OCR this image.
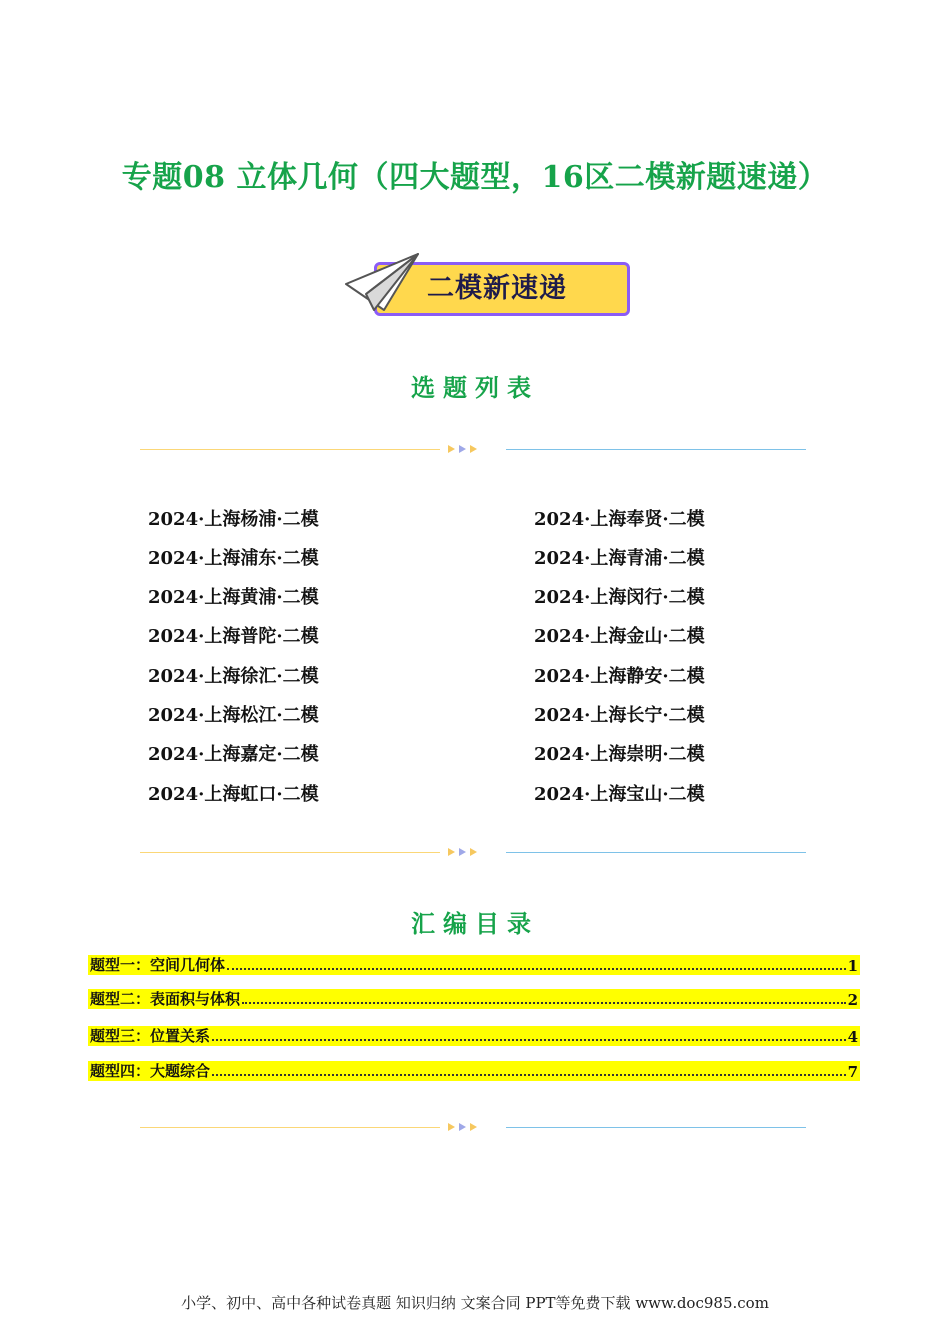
专题08 立体几何（四大题型，16区二模新题速递）
二模新速递
选题列表
2024·上海杨浦·二模
2024·上海浦东·二模
2024·上海黄浦·二模
2024·上海普陀·二模
2024·上海徐汇·二模
2024·上海松江·二模
2024·上海嘉定·二模
2024·上海虹口·二模
2024·上海奉贤·二模
2024·上海青浦·二模
2024·上海闵行·二模
2024·上海金山·二模
2024·上海静安·二模
2024·上海长宁·二模
2024·上海崇明·二模
2024·上海宝山·二模
汇编目录
题型一：空间几何体	1
题型二：表面积与体积	2
题型三：位置关系	4
题型四：大题综合	7
小学、初中、高中各种试卷真题 知识归纳 文案合同 PPT等免费下载 www.doc985.com
